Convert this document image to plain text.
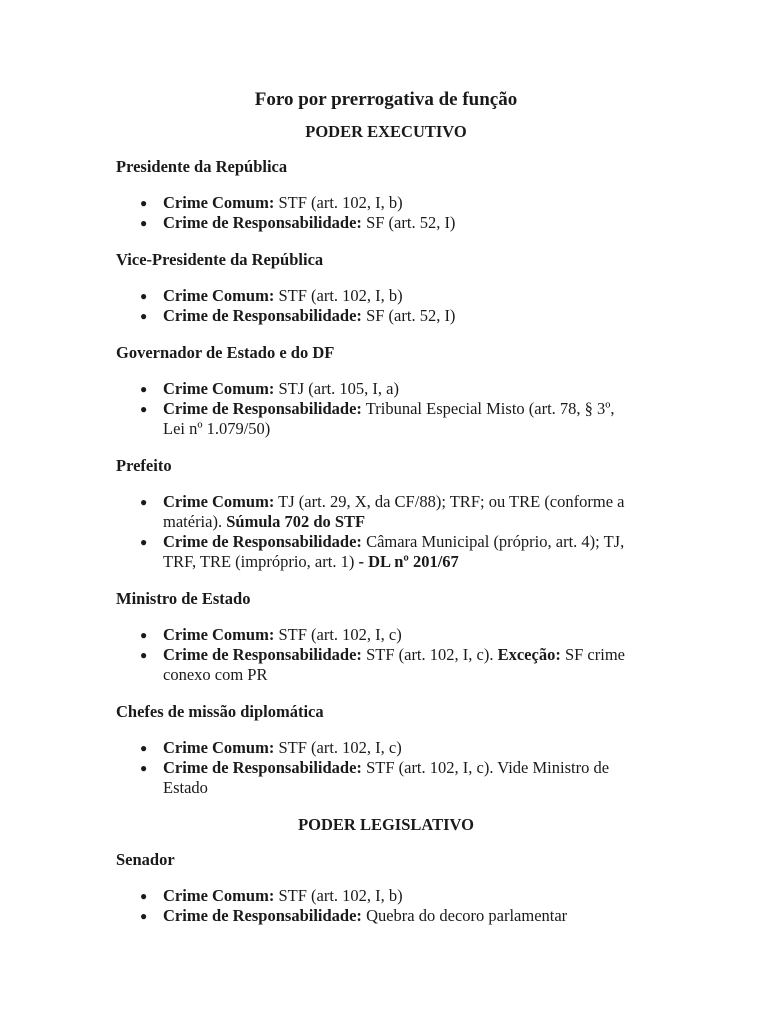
Foro por prerrogativa de função
PODER EXECUTIVO
Presidente da República
● Crime Comum: STF (art. 102, I, b)
● Crime de Responsabilidade: SF (art. 52, I)
Vice-Presidente da República
● Crime Comum: STF (art. 102, I, b)
● Crime de Responsabilidade: SF (art. 52, I)
Governador de Estado e do DF
● Crime Comum: STJ (art. 105, I, a)
● Crime de Responsabilidade: Tribunal Especial Misto (art. 78, § 3º, Lei nº 1.079/50)
Prefeito
● Crime Comum: TJ (art. 29, X, da CF/88); TRF; ou TRE (conforme a matéria). Súmula 702 do STF
● Crime de Responsabilidade: Câmara Municipal (próprio, art. 4); TJ, TRF, TRE (impróprio, art. 1) - DL nº 201/67
Ministro de Estado
● Crime Comum: STF (art. 102, I, c)
● Crime de Responsabilidade: STF (art. 102, I, c). Exceção: SF crime conexo com PR
Chefes de missão diplomática
● Crime Comum: STF (art. 102, I, c)
● Crime de Responsabilidade: STF (art. 102, I, c). Vide Ministro de Estado
PODER LEGISLATIVO
Senador
● Crime Comum: STF (art. 102, I, b)
● Crime de Responsabilidade: Quebra do decoro parlamentar
